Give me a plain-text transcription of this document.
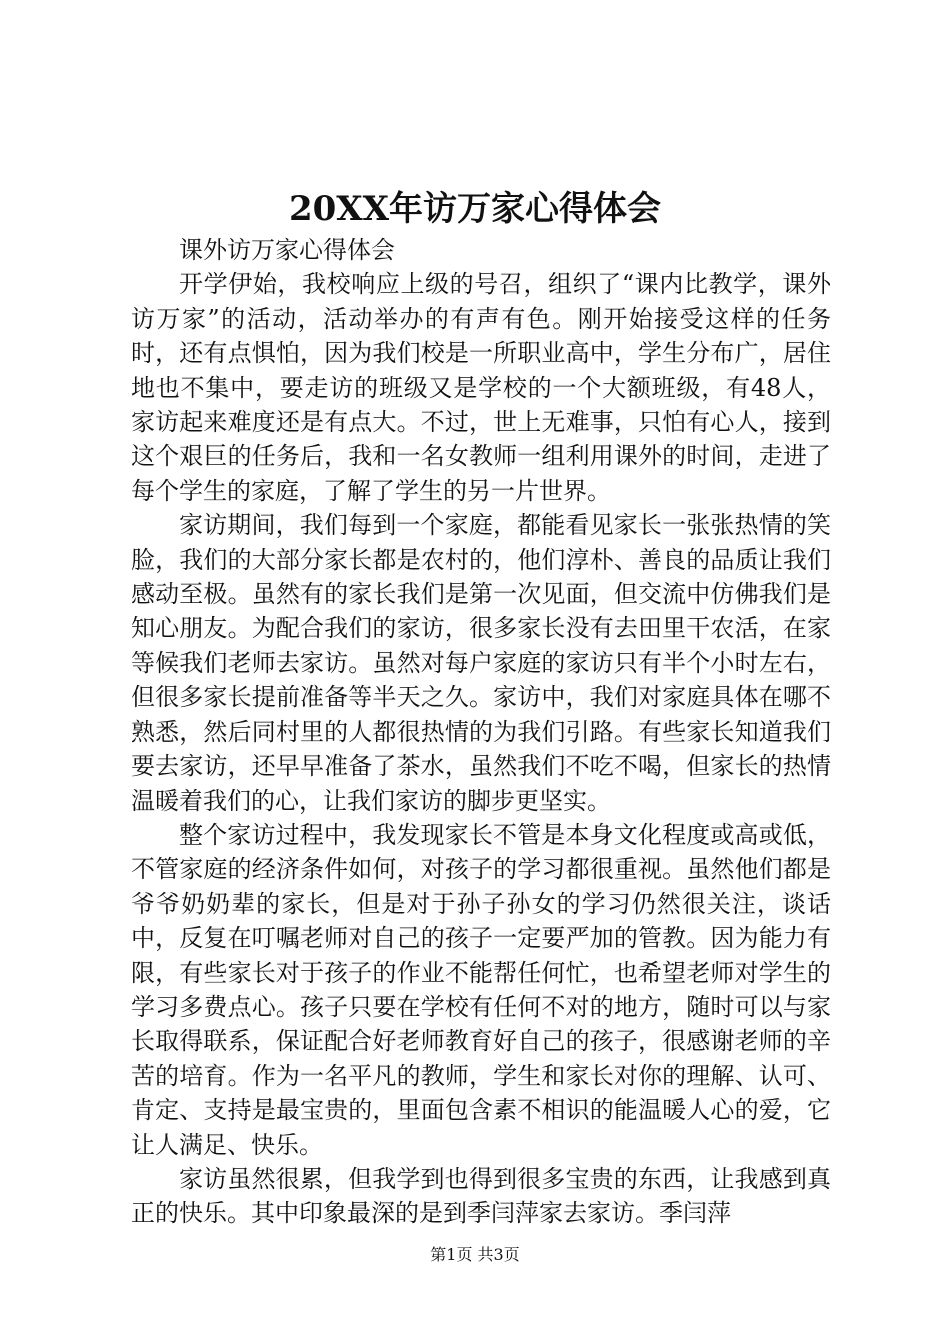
20XX年访万家心得体会

课外访万家心得体会

开学伊始，我校响应上级的号召，组织了“课内比教学，课外访万家”的活动，活动举办的有声有色。刚开始接受这样的任务时，还有点惧怕，因为我们校是一所职业高中，学生分布广，居住地也不集中，要走访的班级又是学校的一个大额班级，有48人，家访起来难度还是有点大。不过，世上无难事，只怕有心人，接到这个艰巨的任务后，我和一名女教师一组利用课外的时间，走进了每个学生的家庭，了解了学生的另一片世界。

家访期间，我们每到一个家庭，都能看见家长一张张热情的笑脸，我们的大部分家长都是农村的，他们淳朴、善良的品质让我们感动至极。虽然有的家长我们是第一次见面，但交流中仿佛我们是知心朋友。为配合我们的家访，很多家长没有去田里干农活，在家等候我们老师去家访。虽然对每户家庭的家访只有半个小时左右，但很多家长提前准备等半天之久。家访中，我们对家庭具体在哪不熟悉，然后同村里的人都很热情的为我们引路。有些家长知道我们要去家访，还早早准备了茶水，虽然我们不吃不喝，但家长的热情温暖着我们的心，让我们家访的脚步更坚实。

整个家访过程中，我发现家长不管是本身文化程度或高或低，不管家庭的经济条件如何，对孩子的学习都很重视。虽然他们都是爷爷奶奶辈的家长，但是对于孙子孙女的学习仍然很关注，谈话中，反复在叮嘱老师对自己的孩子一定要严加的管教。因为能力有限，有些家长对于孩子的作业不能帮任何忙，也希望老师对学生的学习多费点心。孩子只要在学校有任何不对的地方，随时可以与家长取得联系，保证配合好老师教育好自己的孩子，很感谢老师的辛苦的培育。作为一名平凡的教师，学生和家长对你的理解、认可、肯定、支持是最宝贵的，里面包含素不相识的能温暖人心的爱，它让人满足、快乐。

家访虽然很累，但我学到也得到很多宝贵的东西，让我感到真正的快乐。其中印象最深的是到季闫萍家去家访。季闫萍

第1页 共3页
